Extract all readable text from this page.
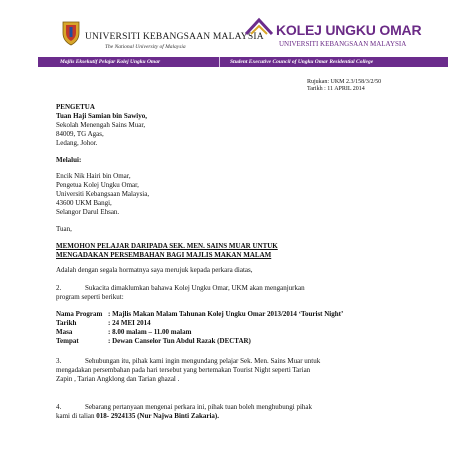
UNIVERSITI KEBANGSAAN MALAYSIA
The National University of Malaysia
KOLEJ UNGKU OMAR
UNIVERSITI KEBANGSAAN MALAYSIA
Majlis Eksekutif Pelajar Kolej Ungku Omar	Student Executive Council of Ungku Omar Residential College
Rujukan: UKM 2.3/158/3/2/50
Tarikh : 11 APRIL 2014
PENGETUA
Tuan Haji Samian bin Sawiyo,
Sekolah Menengah Sains Muar,
84009, TG Agas,
Ledang, Johor.
Melalui:
Encik Nik Hairi bin Omar,
Pengetua Kolej Ungku Omar,
Universiti Kebangsaan Malaysia,
43600 UKM Bangi,
Selangor Darul Ehsan.
Tuan,
MEMOHON PELAJAR DARIPADA SEK. MEN. SAINS MUAR UNTUK
MENGADAKAN PERSEMBAHAN BAGI MAJLIS MAKAN MALAM
Adalah dengan segala hormatnya saya merujuk kepada perkara diatas,
2.	Sukacita dimaklumkan bahawa Kolej Ungku Omar, UKM akan menganjurkan
program seperti berikut:
Nama Program : Majlis Makan Malam Tahunan Kolej Ungku Omar 2013/2014 ‘Tourist Night’
Tarikh	: 24 MEI 2014
Masa	: 8.00 malam – 11.00 malam
Tempat	: Dewan Canselor Tun Abdul Razak (DECTAR)
3.	Sehubungan itu, pihak kami ingin mengundang pelajar Sek. Men. Sains Muar untuk
mengadakan persembahan pada hari tersebut yang bertemakan Tourist Night seperti Tarian
Zapin , Tarian Angklong dan Tarian ghazal .
4.	Sebarang pertanyaan mengenai perkara ini, pihak tuan boleh menghubungi pihak
kami di talian 018- 2924135 (Nur Najwa Binti Zakaria).
